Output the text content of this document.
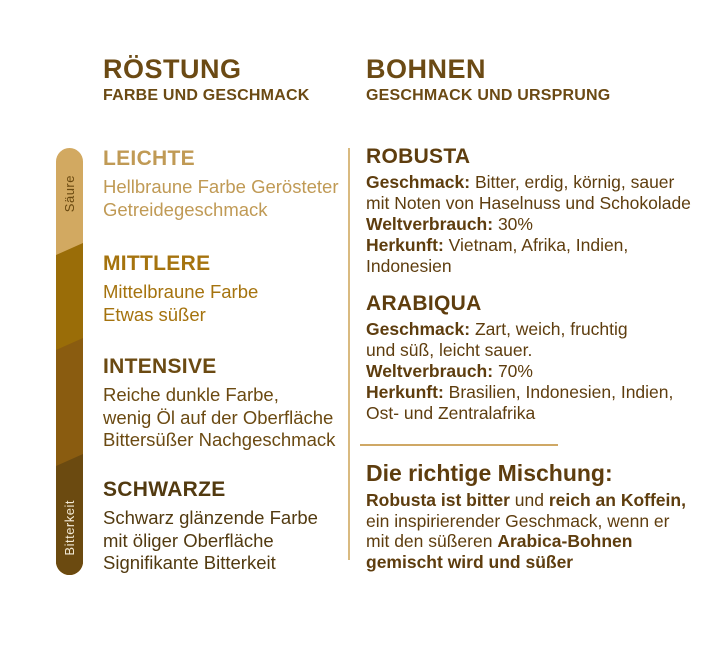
RÖSTUNG
FARBE UND GESCHMACK
BOHNEN
GESCHMACK UND URSPRUNG
Säure
Bitterkeit
LEICHTE
Hellbraune Farbe Gerösteter
Getreidegeschmack
MITTLERE
Mittelbraune Farbe
Etwas süßer
INTENSIVE
Reiche dunkle Farbe,
wenig Öl auf der Oberfläche
Bittersüßer Nachgeschmack
SCHWARZE
Schwarz glänzende Farbe
mit öliger Oberfläche
Signifikante Bitterkeit
ROBUSTA
Geschmack: Bitter, erdig, körnig, sauer
mit Noten von Haselnuss und Schokolade
Weltverbrauch: 30%
Herkunft: Vietnam, Afrika, Indien,
Indonesien
ARABIQUA
Geschmack: Zart, weich, fruchtig
und süß, leicht sauer.
Weltverbrauch: 70%
Herkunft: Brasilien, Indonesien, Indien,
Ost- und Zentralafrika
Die richtige Mischung:
Robusta ist bitter und reich an Koffein,
ein inspirierender Geschmack, wenn er
mit den süßeren Arabica-Bohnen
gemischt wird und süßer
